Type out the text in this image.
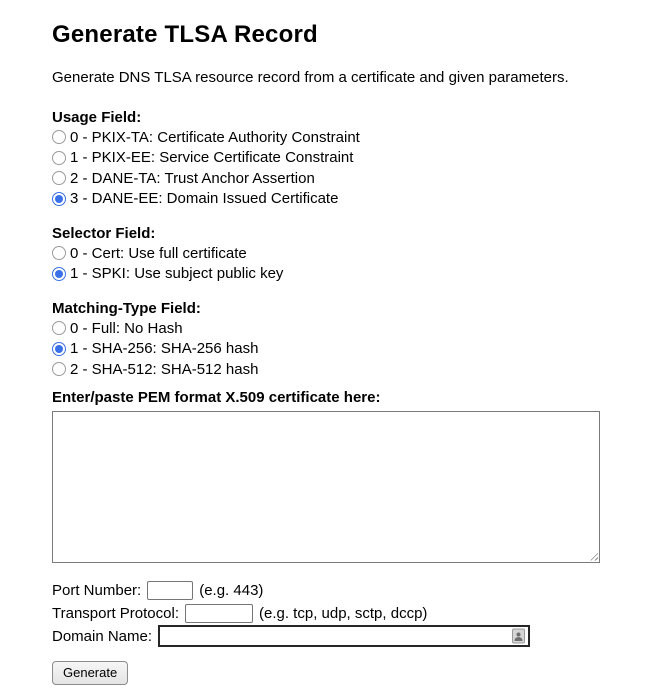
Generate TLSA Record

Generate DNS TLSA resource record from a certificate and given parameters.

Usage Field:
0 - PKIX-TA: Certificate Authority Constraint
1 - PKIX-EE: Service Certificate Constraint
2 - DANE-TA: Trust Anchor Assertion
3 - DANE-EE: Domain Issued Certificate
Selector Field:
0 - Cert: Use full certificate
1 - SPKI: Use subject public key
Matching-Type Field:
0 - Full: No Hash
1 - SHA-256: SHA-256 hash
2 - SHA-512: SHA-512 hash
Enter/paste PEM format X.509 certificate here:
Port Number:	(e.g. 443)
Transport Protocol:	(e.g. tcp, udp, sctp, dccp)
Domain Name:
Generate
